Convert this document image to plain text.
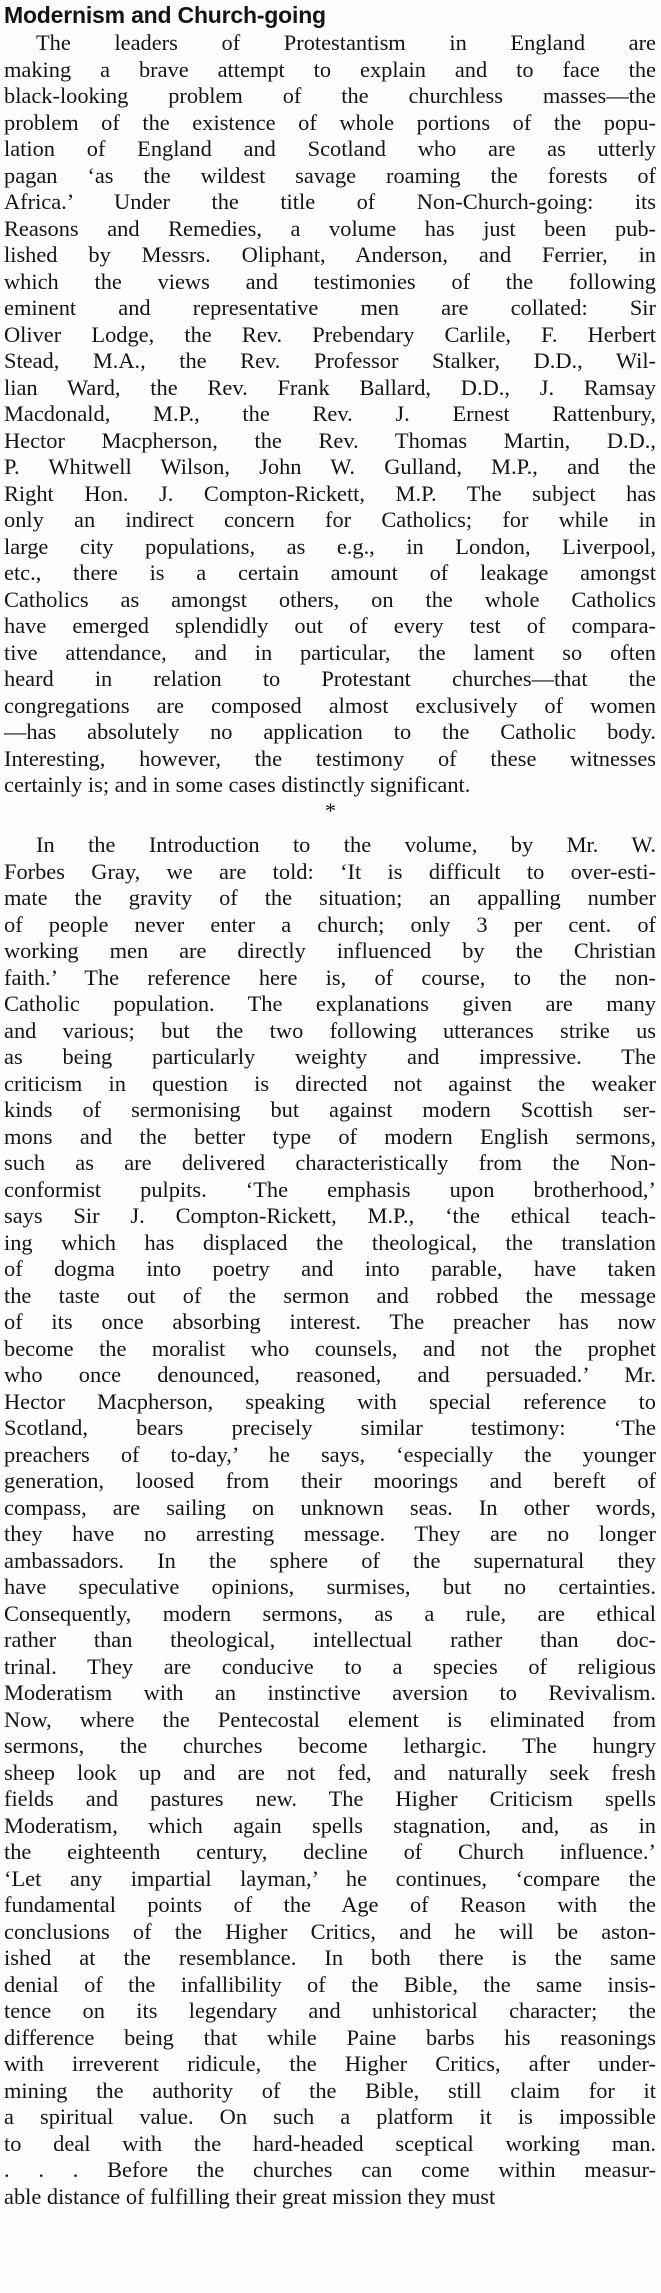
Modernism and Church-going
The leaders of Protestantism in England are
making a brave attempt to explain and to face the
black-looking problem of the churchless masses—the
problem of the existence of whole portions of the popu-
lation of England and Scotland who are as utterly
pagan ‘as the wildest savage roaming the forests of
Africa.’ Under the title of Non-Church-going: its
Reasons and Remedies, a volume has just been pub-
lished by Messrs. Oliphant, Anderson, and Ferrier, in
which the views and testimonies of the following
eminent and representative men are collated: Sir
Oliver Lodge, the Rev. Prebendary Carlile, F. Herbert
Stead, M.A., the Rev. Professor Stalker, D.D., Wil-
lian Ward, the Rev. Frank Ballard, D.D., J. Ramsay
Macdonald, M.P., the Rev. J. Ernest Rattenbury,
Hector Macpherson, the Rev. Thomas Martin, D.D.,
P. Whitwell Wilson, John W. Gulland, M.P., and the
Right Hon. J. Compton-Rickett, M.P. The subject has
only an indirect concern for Catholics; for while in
large city populations, as e.g., in London, Liverpool,
etc., there is a certain amount of leakage amongst
Catholics as amongst others, on the whole Catholics
have emerged splendidly out of every test of compara-
tive attendance, and in particular, the lament so often
heard in relation to Protestant churches—that the
congregations are composed almost exclusively of women
—has absolutely no application to the Catholic body.
Interesting, however, the testimony of these witnesses
certainly is; and in some cases distinctly significant.
*
In the Introduction to the volume, by Mr. W.
Forbes Gray, we are told: ‘It is difficult to over-esti-
mate the gravity of the situation; an appalling number
of people never enter a church; only 3 per cent. of
working men are directly influenced by the Christian
faith.’ The reference here is, of course, to the non-
Catholic population. The explanations given are many
and various; but the two following utterances strike us
as being particularly weighty and impressive. The
criticism in question is directed not against the weaker
kinds of sermonising but against modern Scottish ser-
mons and the better type of modern English sermons,
such as are delivered characteristically from the Non-
conformist pulpits. ‘The emphasis upon brotherhood,’
says Sir J. Compton-Rickett, M.P., ‘the ethical teach-
ing which has displaced the theological, the translation
of dogma into poetry and into parable, have taken
the taste out of the sermon and robbed the message
of its once absorbing interest. The preacher has now
become the moralist who counsels, and not the prophet
who once denounced, reasoned, and persuaded.’ Mr.
Hector Macpherson, speaking with special reference to
Scotland, bears precisely similar testimony: ‘The
preachers of to-day,’ he says, ‘especially the younger
generation, loosed from their moorings and bereft of
compass, are sailing on unknown seas. In other words,
they have no arresting message. They are no longer
ambassadors. In the sphere of the supernatural they
have speculative opinions, surmises, but no certainties.
Consequently, modern sermons, as a rule, are ethical
rather than theological, intellectual rather than doc-
trinal. They are conducive to a species of religious
Moderatism with an instinctive aversion to Revivalism.
Now, where the Pentecostal element is eliminated from
sermons, the churches become lethargic. The hungry
sheep look up and are not fed, and naturally seek fresh
fields and pastures new. The Higher Criticism spells
Moderatism, which again spells stagnation, and, as in
the eighteenth century, decline of Church influence.’
‘Let any impartial layman,’ he continues, ‘compare the
fundamental points of the Age of Reason with the
conclusions of the Higher Critics, and he will be aston-
ished at the resemblance. In both there is the same
denial of the infallibility of the Bible, the same insis-
tence on its legendary and unhistorical character; the
difference being that while Paine barbs his reasonings
with irreverent ridicule, the Higher Critics, after under-
mining the authority of the Bible, still claim for it
a spiritual value. On such a platform it is impossible
to deal with the hard-headed sceptical working man.
. . . Before the churches can come within measur-
able distance of fulfilling their great mission they must
